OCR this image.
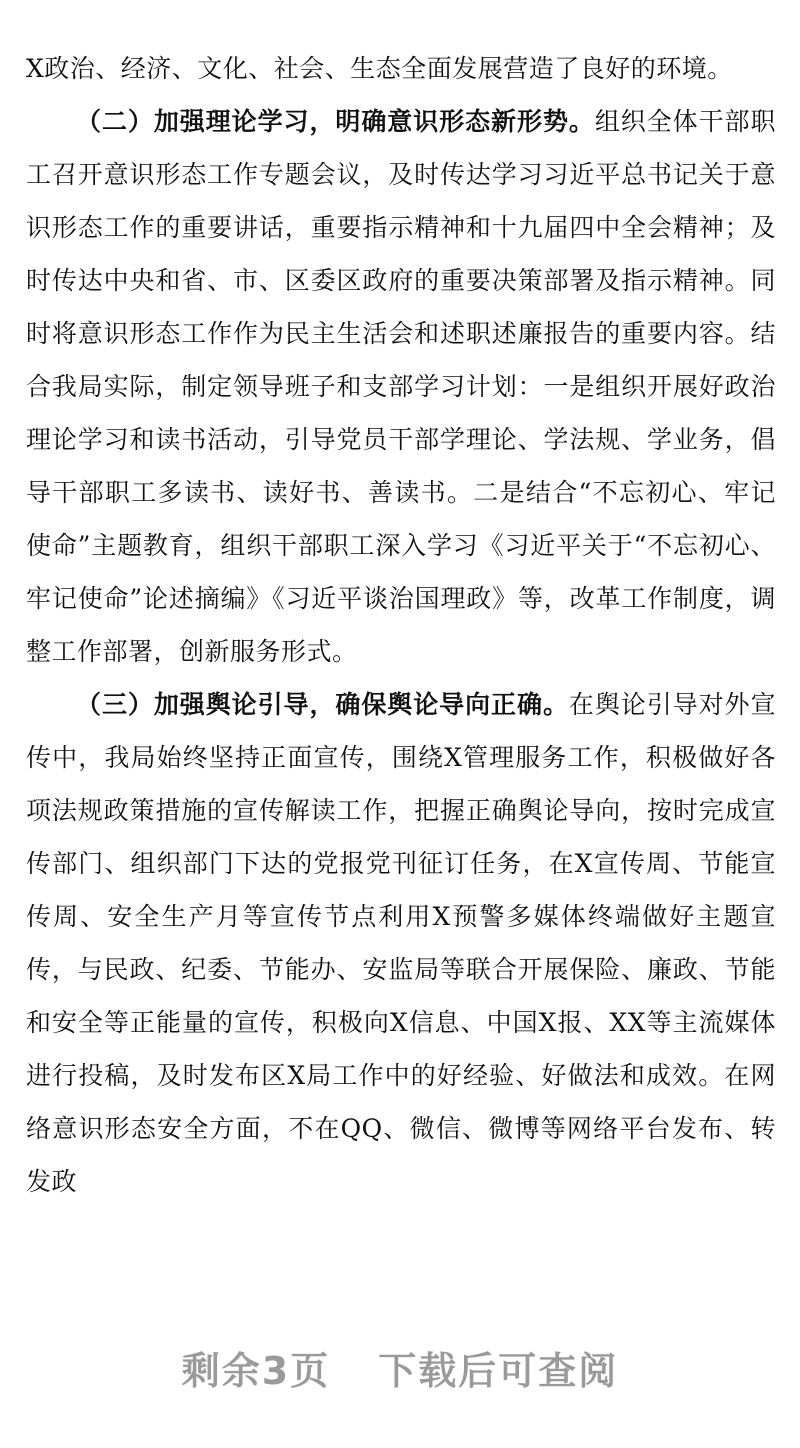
X政治、经济、文化、社会、生态全面发展营造了良好的环境。

（二）加强理论学习，明确意识形态新形势。组织全体干部职工召开意识形态工作专题会议，及时传达学习习近平总书记关于意识形态工作的重要讲话，重要指示精神和十九届四中全会精神；及时传达中央和省、市、区委区政府的重要决策部署及指示精神。同时将意识形态工作作为民主生活会和述职述廉报告的重要内容。结合我局实际，制定领导班子和支部学习计划：一是组织开展好政治理论学习和读书活动，引导党员干部学理论、学法规、学业务，倡导干部职工多读书、读好书、善读书。二是结合“不忘初心、牢记使命”主题教育，组织干部职工深入学习《习近平关于“不忘初心、牢记使命”论述摘编》《习近平谈治国理政》等，改革工作制度，调整工作部署，创新服务形式。

（三）加强舆论引导，确保舆论导向正确。在舆论引导对外宣传中，我局始终坚持正面宣传，围绕X管理服务工作，积极做好各项法规政策措施的宣传解读工作，把握正确舆论导向，按时完成宣传部门、组织部门下达的党报党刊征订任务，在X宣传周、节能宣传周、安全生产月等宣传节点利用X预警多媒体终端做好主题宣传，与民政、纪委、节能办、安监局等联合开展保险、廉政、节能和安全等正能量的宣传，积极向X信息、中国X报、XX等主流媒体进行投稿，及时发布区X局工作中的好经验、好做法和成效。在网络意识形态安全方面，不在QQ、微信、微博等网络平台发布、转发政

剩余3页 下载后可查阅
